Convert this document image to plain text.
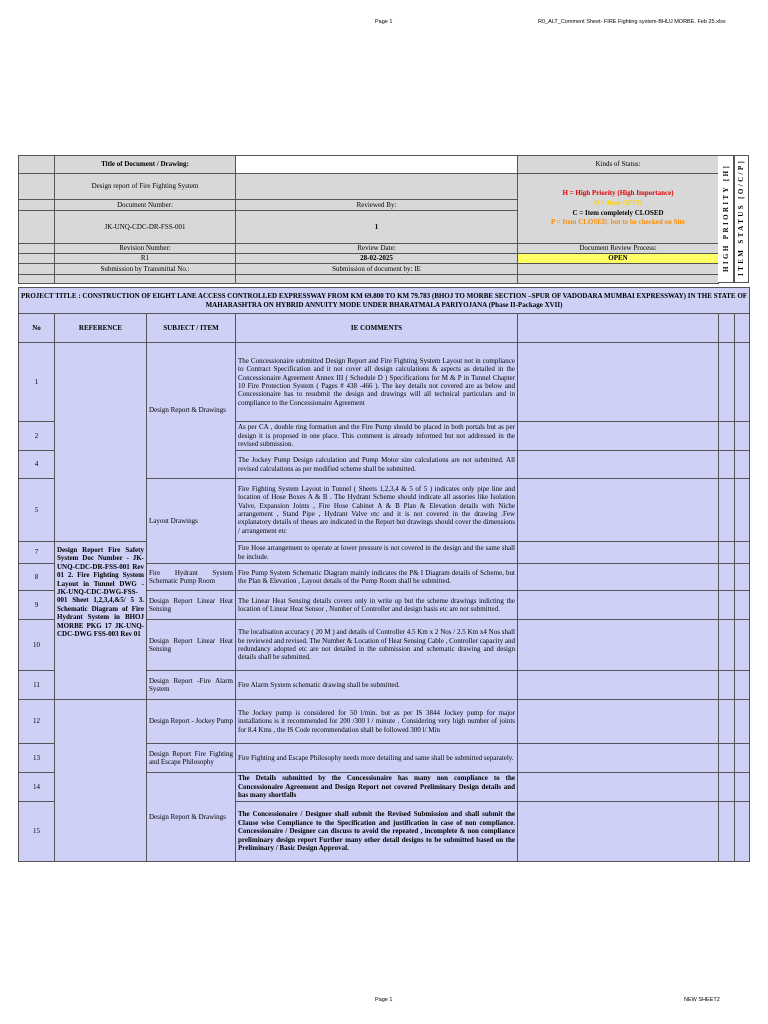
Page 1	R0_ALT_Comment Sheet- FIRE Fighting system-BHUJ MORBE. Feb 25.xlsx
Page 1	NEW SHEET2
	Title of Document / Drawing:		Kinds of Status:
	Design report of Fire Fighting System		H = High Priority (High Importance)
O = Item OPEN
C = Item completely CLOSED
P = Item CLOSED, but to be checked on Site

	Document Number:	Reviewed By:	
	JK-UNQ-CDC-DR-FSS-001	1	
	Revision Number:	Review Date:	Document Review Process:
	R1	28-02-2025	OPEN
	Submission by Transmittal No.:	Submission of document by: IE	
				HIGH PRIORITY [H] ITEM STATUS [O/C/P]
PROJECT TITLE : CONSTRUCTION OF EIGHT LANE ACCESS CONTROLLED EXPRESSWAY FROM KM 69.800 TO KM 79.783 (BHOJ TO MORBE SECTION –SPUR OF VADODARA MUMBAI EXPRESSWAY) IN THE STATE OF MAHARASHTRA ON HYBRID ANNUITY MODE UNDER BHARATMALA PARIYOJANA (Phase II-Package XVII)						
No	REFERENCE	SUBJECT / ITEM	IE COMMENTS			
1		Design Report & Drawings	The Concessionaire submitted Design Report and Fire Fighting System Layout not in compliance to Contract Specification and it not cover all design calculations & aspects as detailed in the Concessionaire Agreement Annex III ( Schedule D ) Specifications for M & P in Tunnel Chapter 10 Fire Protection System ( Pages # 438 -466 ). The key details not covered are as below and Concessionaire has to resubmit the design and drawings will all technical particulars and in compliance to the Concessionaire Agreement			
2			As per CA , double ring formation and the Fire Pump should be placed in both portals but as per design it is proposed in one place. This comment is already informed but not addressed in the revised submission.			
4			The Jockey Pump Design calculation and Pump Motor size calculations are not submitted. All revised calculations as per modified scheme shall be submitted.			
5		Layout Drawings	Fire Fighting System Layout in Tunnel ( Sheets 1,2,3,4 & 5 of 5 ) indicates only pipe line and location of Hose Boxes A & B . The Hydrant Scheme should indicate all assories like Isolation Valve, Expansion Joints , Fire Hose Cabinet A & B Plan & Elevation details with Niche arrangement , Stand Pipe , Hydrant Valve etc and it is not covered in the drawing .Few explanatory details of theses are indicated in the Report but drawings should cover the dimensions / arrangement etc			
7	Design Report Fire Safety System Doc Number - JK-UNQ-CDC-DR-FSS-001 Rev 01 2. Fire Fighting System Layout in Tunnel DWG - JK-UNQ-CDC-DWG-FSS-001 Sheet 1,2,3,4,&5/ 5 3. Schematic Diagram of Fire Hydrant System in BHOJ MORBE PKG 17 JK-UNQ-CDC-DWG FSS-003 Rev 01		Fire Hose arrangement to operate at lower pressure is not covered in the design and the same shall be include.			
8		Fire Hydrant System Schematic Pump Room	Fire Pump System Schematic Diagram mainly indicates the P& I Diagram details of Scheme, but the Plan & Elevation , Layout details of the Pump Room shall be submitted.			
9		Design Report Linear Heat Sensing	The Linear Heat Sensing details covers only in write up but the scheme drawings indicting the location of Linear Heat Sensor , Number of Controller and design basis etc are not submitted.			
10		Design Report Linear Heat Sensing	The localisation accuracy ( 20 M ) and details of Controller 4.5 Km x 2 Nos / 2.5 Km x4 Nos shall be reviewed and revised. The Number & Location of Heat Sensing Cable , Controller capacity and redundancy adopted etc are not detailed in the submission and schematic drawing and design details shall be submitted.			
11		Design Report -Fire Alarm System	Fire Alarm System schematic drawing shall be submitted.			
12		Design Report - Jockey Pump	The Jockey pump is considered for 50 l/min. but as per IS 3844 Jockey pump for major installations is it recommended for 200 /300 l / minute . Considering very high number of joints for 8.4 Kms , the IS Code recommendation shall be followed 300 l/ Min			
13		Design Report Fire Fighting and Escape Philosophy	Fire Fighting and Escape Philosophy needs more detailing and same shall be submitted separately.			
14		Design Report & Drawings	The Details submitted by the Concessionaire has many non compliance to the Concessionaire Agreement and Design Report not covered Preliminary Design details and has many shortfalls			
15			The Concessionaire / Designer shall submit the Revised Submission and shall submit the Clause wise Compliance to the Specification and justification in case of non compliance. Concessionaire / Designer can discuss to avoid the repeated , incomplete & non compliance preliminary design report Further many other detail designs to be submitted based on the Preliminary / Basic Design Approval.			
